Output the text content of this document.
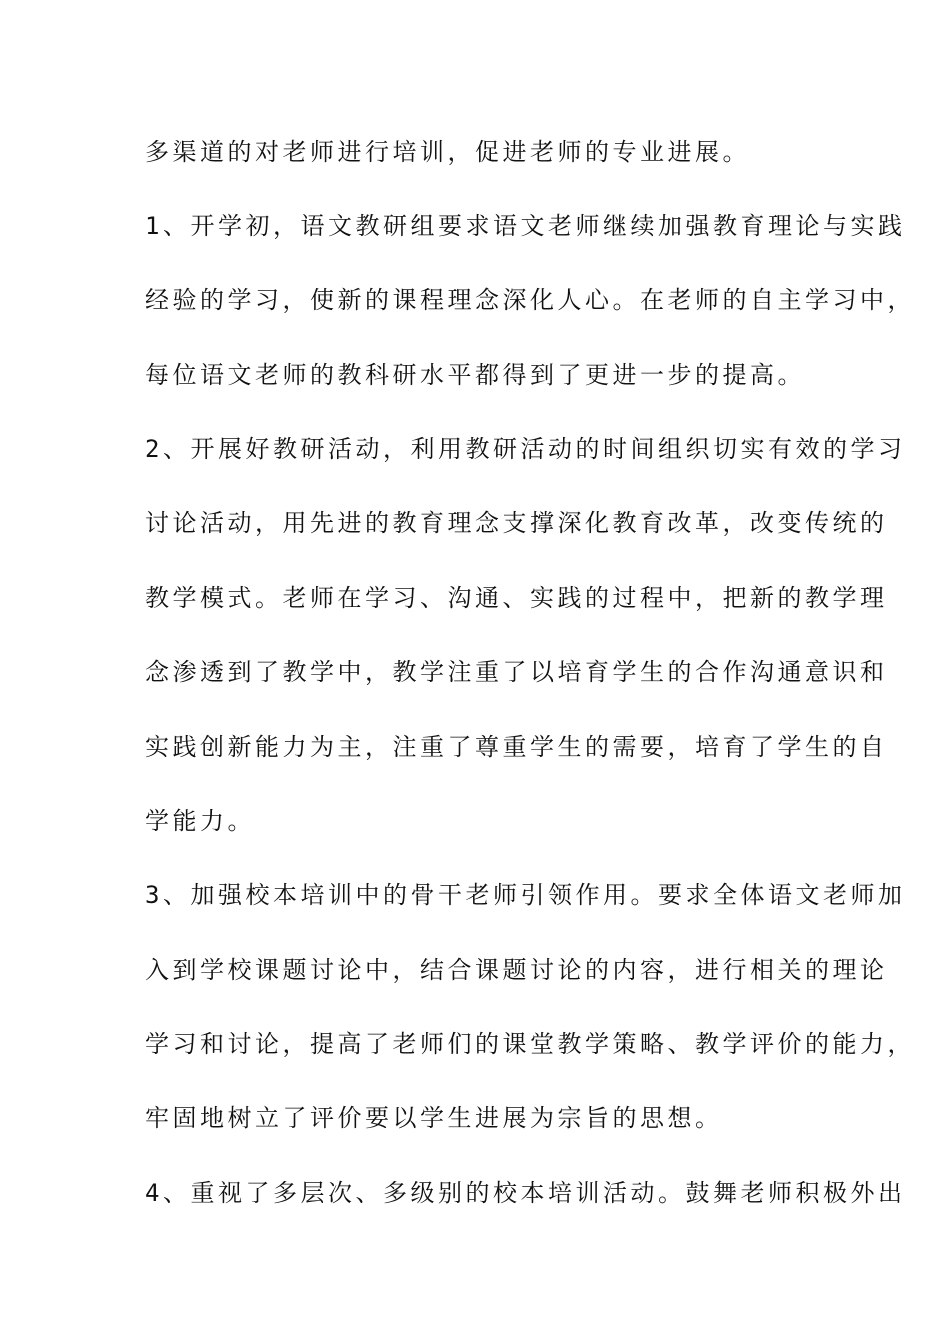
多渠道的对老师进行培训，促进老师的专业进展。
1、开学初，语文教研组要求语文老师继续加强教育理论与实践
经验的学习，使新的课程理念深化人心。在老师的自主学习中，
每位语文老师的教科研水平都得到了更进一步的提高。
2、开展好教研活动，利用教研活动的时间组织切实有效的学习
讨论活动，用先进的教育理念支撑深化教育改革，改变传统的
教学模式。老师在学习、沟通、实践的过程中，把新的教学理
念渗透到了教学中，教学注重了以培育学生的合作沟通意识和
实践创新能力为主，注重了尊重学生的需要，培育了学生的自
学能力。
3、加强校本培训中的骨干老师引领作用。要求全体语文老师加
入到学校课题讨论中，结合课题讨论的内容，进行相关的理论
学习和讨论，提高了老师们的课堂教学策略、教学评价的能力，
牢固地树立了评价要以学生进展为宗旨的思想。
4、重视了多层次、多级别的校本培训活动。鼓舞老师积极外出
